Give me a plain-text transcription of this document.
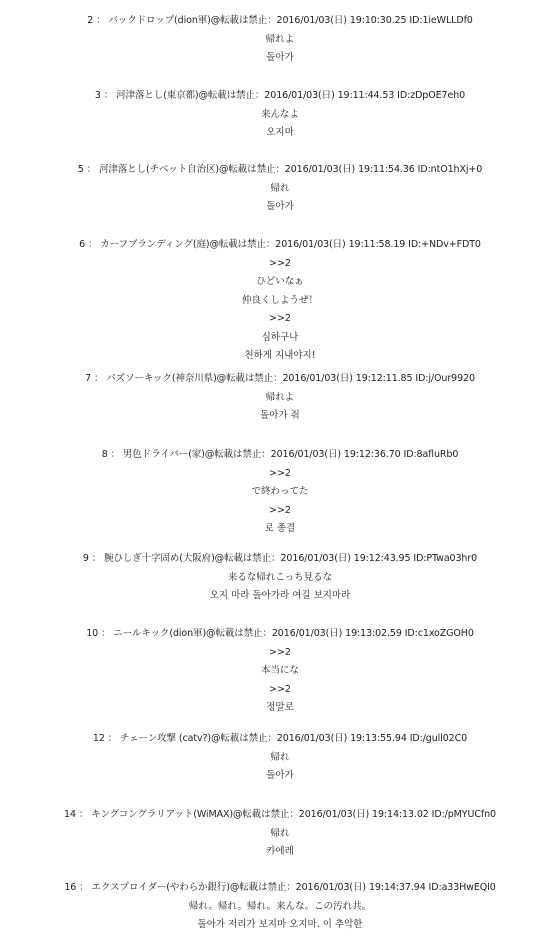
2 ： バックドロップ(dion軍)@転載は禁止：2016/01/03(日) 19:10:30.25 ID:1ieWLLDf0
帰れよ
돌아가
3 ： 河津落とし(東京都)@転載は禁止：2016/01/03(日) 19:11:44.53 ID:zDpOE7eh0
来んなよ
오지마
5 ： 河津落とし(チベット自治区)@転載は禁止：2016/01/03(日) 19:11:54.36 ID:ntO1hXj+0
帰れ
돌아가
6 ： カーフブランディング(庭)@転載は禁止：2016/01/03(日) 19:11:58.19 ID:+NDv+FDT0
>>2
ひどいなぁ
仲良くしようぜ！
>>2
심하구나
친하게 지내야지!
7 ： パズソーキック(神奈川県)@転載は禁止：2016/01/03(日) 19:12:11.85 ID:j/Our9920
帰れよ
돌아가 줘
8 ： 男色ドライバー(家)@転載は禁止：2016/01/03(日) 19:12:36.70 ID:8afluRb0
>>2
で終わってた
>>2
로 종결
9 ： 腕ひしぎ十字固め(大阪府)@転載は禁止：2016/01/03(日) 19:12:43.95 ID:PTwa03hr0
来るな帰れこっち見るな
오지 마라 돌아가라 여길 보지마라
10 ： ニールキック(dion軍)@転載は禁止：2016/01/03(日) 19:13:02.59 ID:c1xoZGOH0
>>2
本当にな
>>2
정말로
12 ： チェーン攻撃 (catv?)@転載は禁止：2016/01/03(日) 19:13:55.94 ID:/gull02C0
帰れ
돌아가
14 ： キングコングラリアット(WiMAX)@転載は禁止：2016/01/03(日) 19:14:13.02 ID:/pMYUCfn0
帰れ
카에레
16 ： エクスプロイダー(やわらか銀行)@転載は禁止：2016/01/03(日) 19:14:37.94 ID:a33HwEQl0
帰れ。帰れ。帰れ。来んな。この汚れ共。
돌아가 저리가 보지마 오지마. 이 추악한
